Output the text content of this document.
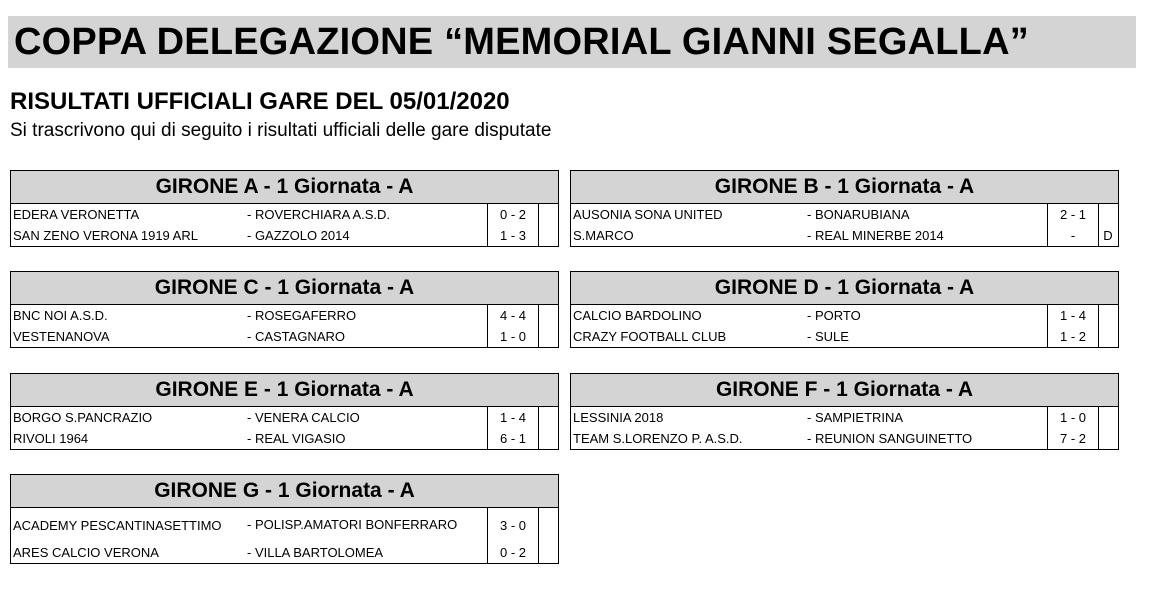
COPPA DELEGAZIONE “MEMORIAL GIANNI SEGALLA”
RISULTATI UFFICIALI GARE DEL 05/01/2020
Si trascrivono qui di seguito i risultati ufficiali delle gare disputate
GIRONE A - 1 Giornata - A
EDERA VERONETTA	- ROVERCHIARA A.S.D.	0 - 2
SAN ZENO VERONA 1919 ARL	- GAZZOLO 2014	1 - 3
GIRONE B - 1 Giornata - A
AUSONIA SONA UNITED	- BONARUBIANA	2 - 1
S.MARCO	- REAL MINERBE 2014	-	D
GIRONE C - 1 Giornata - A
BNC NOI A.S.D.	- ROSEGAFERRO	4 - 4
VESTENANOVA	- CASTAGNARO	1 - 0
GIRONE D - 1 Giornata - A
CALCIO BARDOLINO	- PORTO	1 - 4
CRAZY FOOTBALL CLUB	- SULE	1 - 2
GIRONE E - 1 Giornata - A
BORGO S.PANCRAZIO	- VENERA CALCIO	1 - 4
RIVOLI 1964	- REAL VIGASIO	6 - 1
GIRONE F - 1 Giornata - A
LESSINIA 2018	- SAMPIETRINA	1 - 0
TEAM S.LORENZO P. A.S.D.	- REUNION SANGUINETTO	7 - 2
GIRONE G - 1 Giornata - A
ACADEMY PESCANTINASETTIMO	- POLISP.AMATORI BONFERRARO	3 - 0
ARES CALCIO VERONA	- VILLA BARTOLOMEA	0 - 2
